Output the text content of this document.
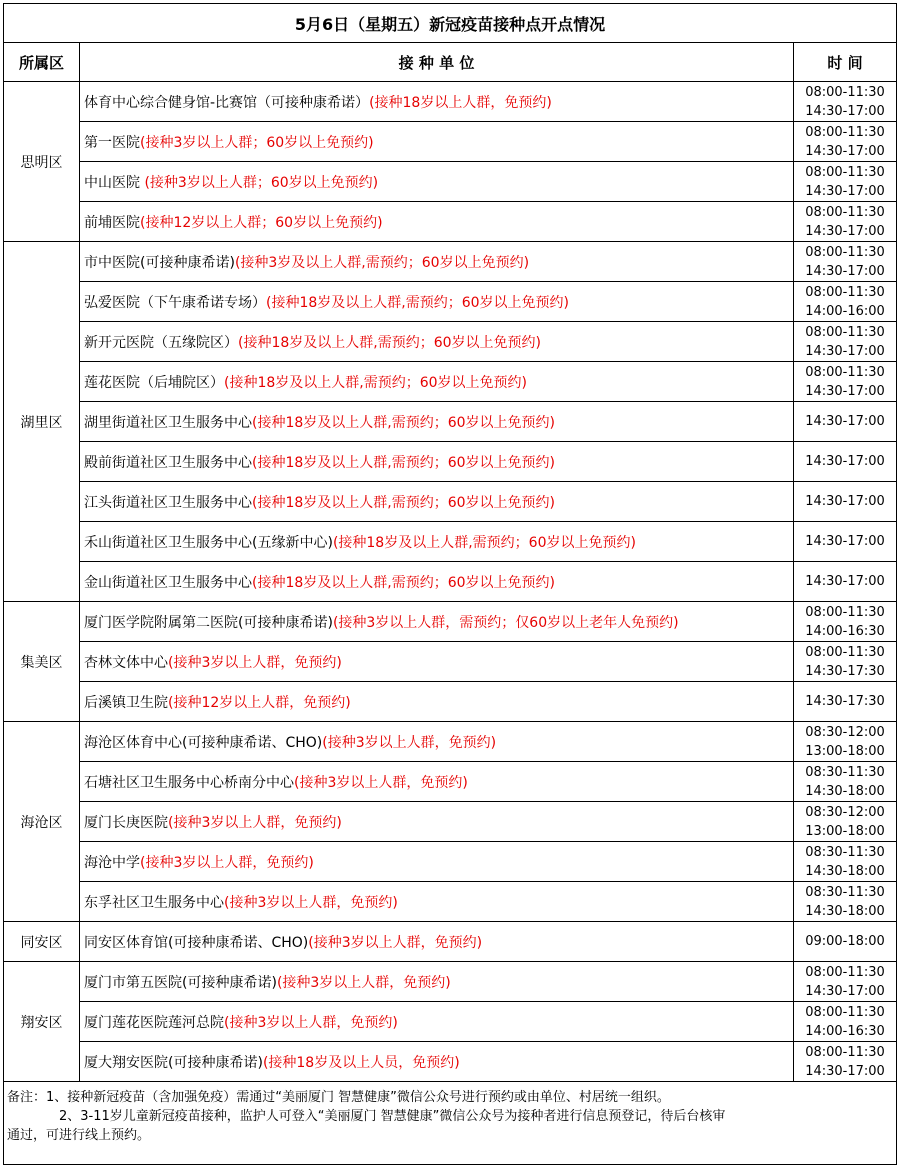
5月6日（星期五）新冠疫苗接种点开点情况		
所属区	接 种 单 位	时 间
思明区	体育中心综合健身馆-比赛馆（可接种康希诺）(接种18岁以上人群，免预约)	08:00-11:30
14:30-17:00

	第一医院(接种3岁以上人群；60岁以上免预约)	08:00-11:30
14:30-17:00

	中山医院 (接种3岁以上人群；60岁以上免预约)	08:00-11:30
14:30-17:00

	前埔医院(接种12岁以上人群；60岁以上免预约)	08:00-11:30
14:30-17:00

湖里区	市中医院(可接种康希诺)(接种3岁及以上人群,需预约；60岁以上免预约)	08:00-11:30
14:30-17:00

	弘爱医院（下午康希诺专场）(接种18岁及以上人群,需预约；60岁以上免预约)	08:00-11:30
14:00-16:00

	新开元医院（五缘院区）(接种18岁及以上人群,需预约；60岁以上免预约)	08:00-11:30
14:30-17:00

	莲花医院（后埔院区）(接种18岁及以上人群,需预约；60岁以上免预约)	08:00-11:30
14:30-17:00

	湖里街道社区卫生服务中心(接种18岁及以上人群,需预约；60岁以上免预约)	14:30-17:00

	殿前街道社区卫生服务中心(接种18岁及以上人群,需预约；60岁以上免预约)	14:30-17:00

	江头街道社区卫生服务中心(接种18岁及以上人群,需预约；60岁以上免预约)	14:30-17:00

	禾山街道社区卫生服务中心(五缘新中心)(接种18岁及以上人群,需预约；60岁以上免预约)	14:30-17:00

	金山街道社区卫生服务中心(接种18岁及以上人群,需预约；60岁以上免预约)	14:30-17:00

集美区	厦门医学院附属第二医院(可接种康希诺)(接种3岁以上人群，需预约；仅60岁以上老年人免预约)	08:00-11:30
14:00-16:30

	杏林文体中心(接种3岁以上人群，免预约)	08:00-11:30
14:30-17:30

	后溪镇卫生院(接种12岁以上人群，免预约)	14:30-17:30

海沧区	海沧区体育中心(可接种康希诺、CHO)(接种3岁以上人群，免预约)	08:30-12:00
13:00-18:00

	石塘社区卫生服务中心桥南分中心(接种3岁以上人群，免预约)	08:30-11:30
14:30-18:00

	厦门长庚医院(接种3岁以上人群，免预约)	08:30-12:00
13:00-18:00

	海沧中学(接种3岁以上人群，免预约)	08:30-11:30
14:30-18:00

	东孚社区卫生服务中心(接种3岁以上人群，免预约)	08:30-11:30
14:30-18:00

同安区	同安区体育馆(可接种康希诺、CHO)(接种3岁以上人群，免预约)	09:00-18:00

翔安区	厦门市第五医院(可接种康希诺)(接种3岁以上人群，免预约)	08:00-11:30
14:30-17:00

	厦门莲花医院莲河总院(接种3岁以上人群，免预约)	08:00-11:30
14:00-16:30

	厦大翔安医院(可接种康希诺)(接种18岁及以上人员，免预约)	08:00-11:30
14:30-17:00

备注：1、接种新冠疫苗（含加强免疫）需通过“美丽厦门 智慧健康”微信公众号进行预约或由单位、村居统一组织。
2、3-11岁儿童新冠疫苗接种，监护人可登入“美丽厦门 智慧健康”微信公众号为接种者进行信息预登记，待后台核审
通过，可进行线上预约。		
